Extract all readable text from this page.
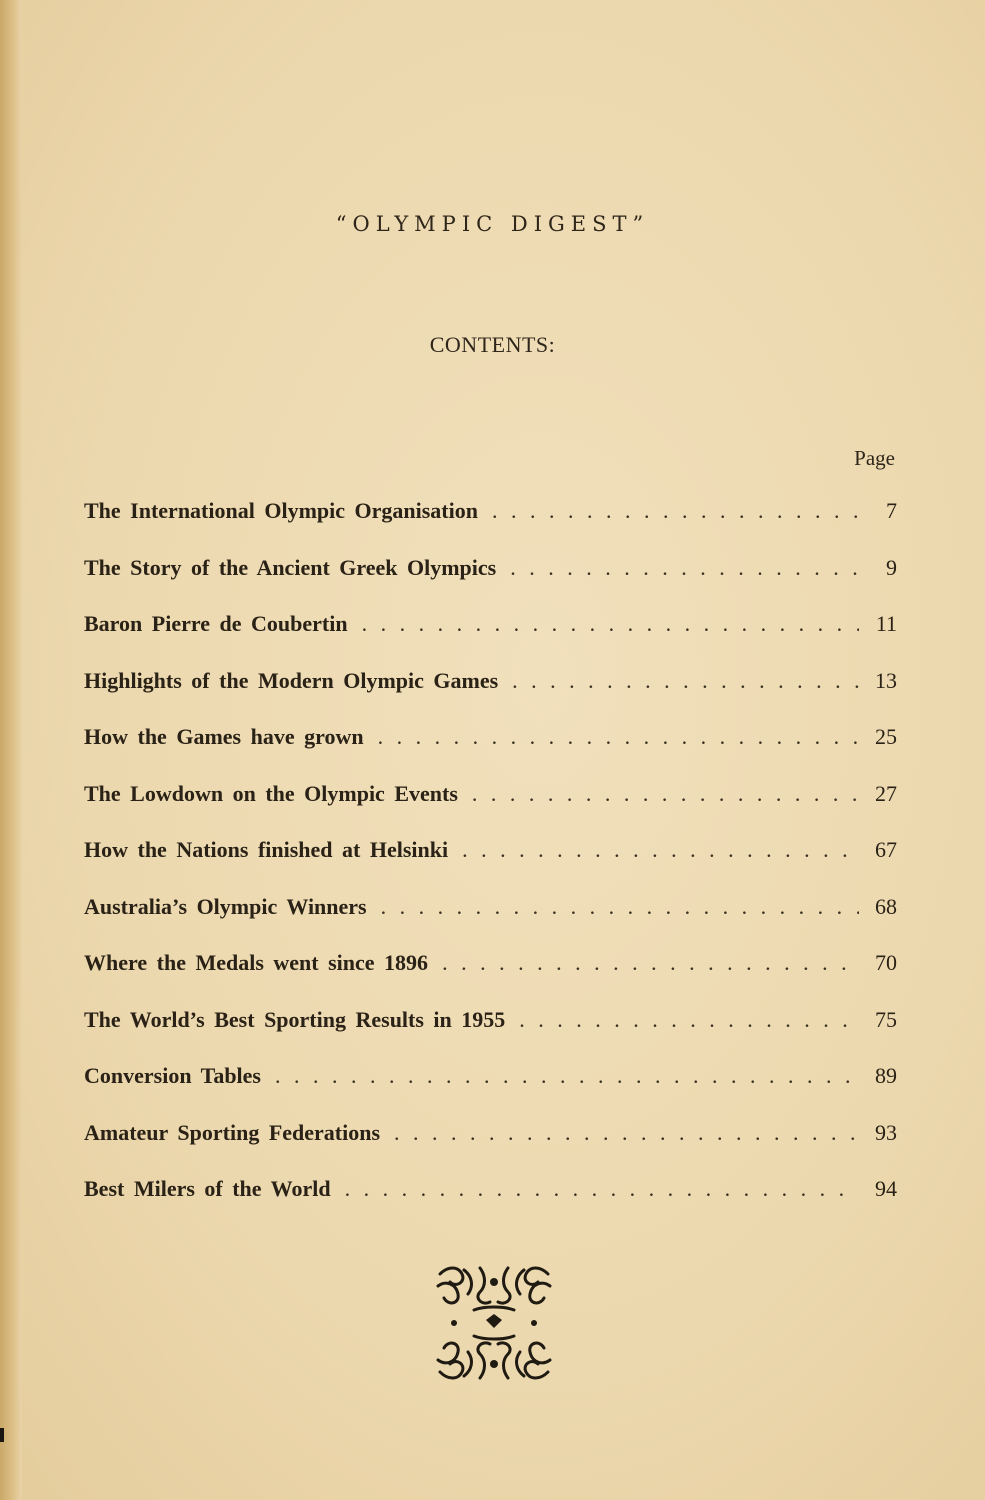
“OLYMPIC DIGEST”
CONTENTS:
Page
The International Olympic Organisation . . .	7
The Story of the Ancient Greek Olympics . . .	9
Baron Pierre de Coubertin . . .	11
Highlights of the Modern Olympic Games . . .	13
How the Games have grown . . .	25
The Lowdown on the Olympic Events . . .	27
How the Nations finished at Helsinki . . .	67
Australia’s Olympic Winners . . .	68
Where the Medals went since 1896 . . .	70
The World’s Best Sporting Results in 1955 . . .	75
Conversion Tables . . .	89
Amateur Sporting Federations . . .	93
Best Milers of the World . . .	94
